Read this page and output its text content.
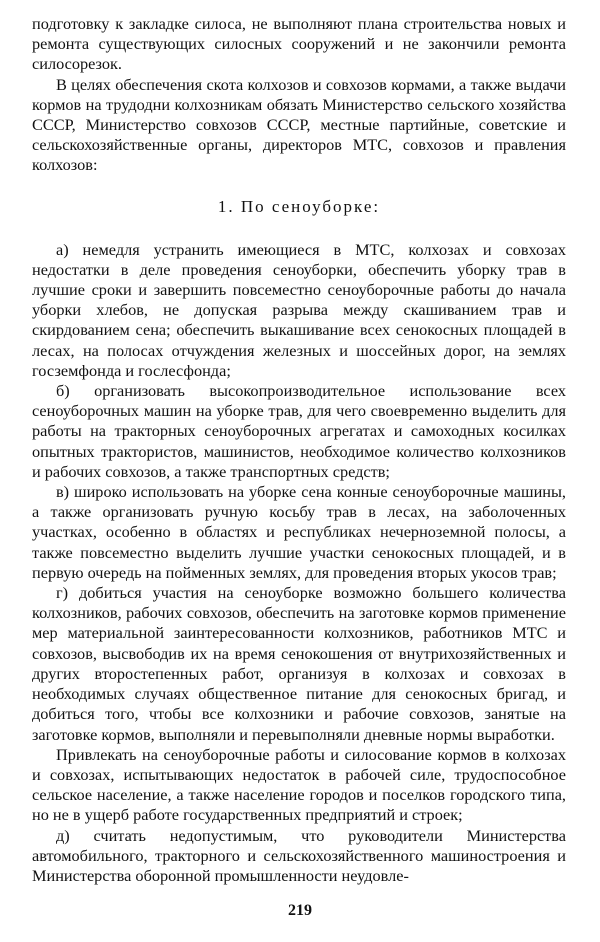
подготовку к закладке силоса, не выполняют плана строительства новых и ремонта существующих силосных сооружений и не закончили ремонта силосорезок.

В целях обеспечения скота колхозов и совхозов кормами, а также выдачи кормов на трудодни колхозникам обязать Министерство сельского хозяйства СССР, Министерство совхозов СССР, местные партийные, советские и сельскохозяйственные органы, директоров МТС, совхозов и правления колхозов:

1. По сеноуборке:

а) немедля устранить имеющиеся в МТС, колхозах и совхозах недостатки в деле проведения сеноуборки, обеспечить уборку трав в лучшие сроки и завершить повсеместно сеноуборочные работы до начала уборки хлебов, не допуская разрыва между скашиванием трав и скирдованием сена; обеспечить выкашивание всех сенокосных площадей в лесах, на полосах отчуждения железных и шоссейных дорог, на землях госземфонда и гослесфонда;

б) организовать высокопроизводительное использование всех сеноуборочных машин на уборке трав, для чего своевременно выделить для работы на тракторных сеноуборочных агрегатах и самоходных косилках опытных трактористов, машинистов, необходимое количество колхозников и рабочих совхозов, а также транспортных средств;

в) широко использовать на уборке сена конные сеноуборочные машины, а также организовать ручную косьбу трав в лесах, на заболоченных участках, особенно в областях и республиках нечерноземной полосы, а также повсеместно выделить лучшие участки сенокосных площадей, и в первую очередь на пойменных землях, для проведения вторых укосов трав;

г) добиться участия на сеноуборке возможно большего количества колхозников, рабочих совхозов, обеспечить на заготовке кормов применение мер материальной заинтересованности колхозников, работников МТС и совхозов, высвободив их на время сенокошения от внутрихозяйственных и других второстепенных работ, организуя в колхозах и совхозах в необходимых случаях общественное питание для сенокосных бригад, и добиться того, чтобы все колхозники и рабочие совхозов, занятые на заготовке кормов, выполняли и перевыполняли дневные нормы выработки.

Привлекать на сеноуборочные работы и силосование кормов в колхозах и совхозах, испытывающих недостаток в рабочей силе, трудоспособное сельское население, а также население городов и поселков городского типа, но не в ущерб работе государственных предприятий и строек;

д) считать недопустимым, что руководители Министерства автомобильного, тракторного и сельскохозяйственного машиностроения и Министерства оборонной промышленности неудовле-

219
